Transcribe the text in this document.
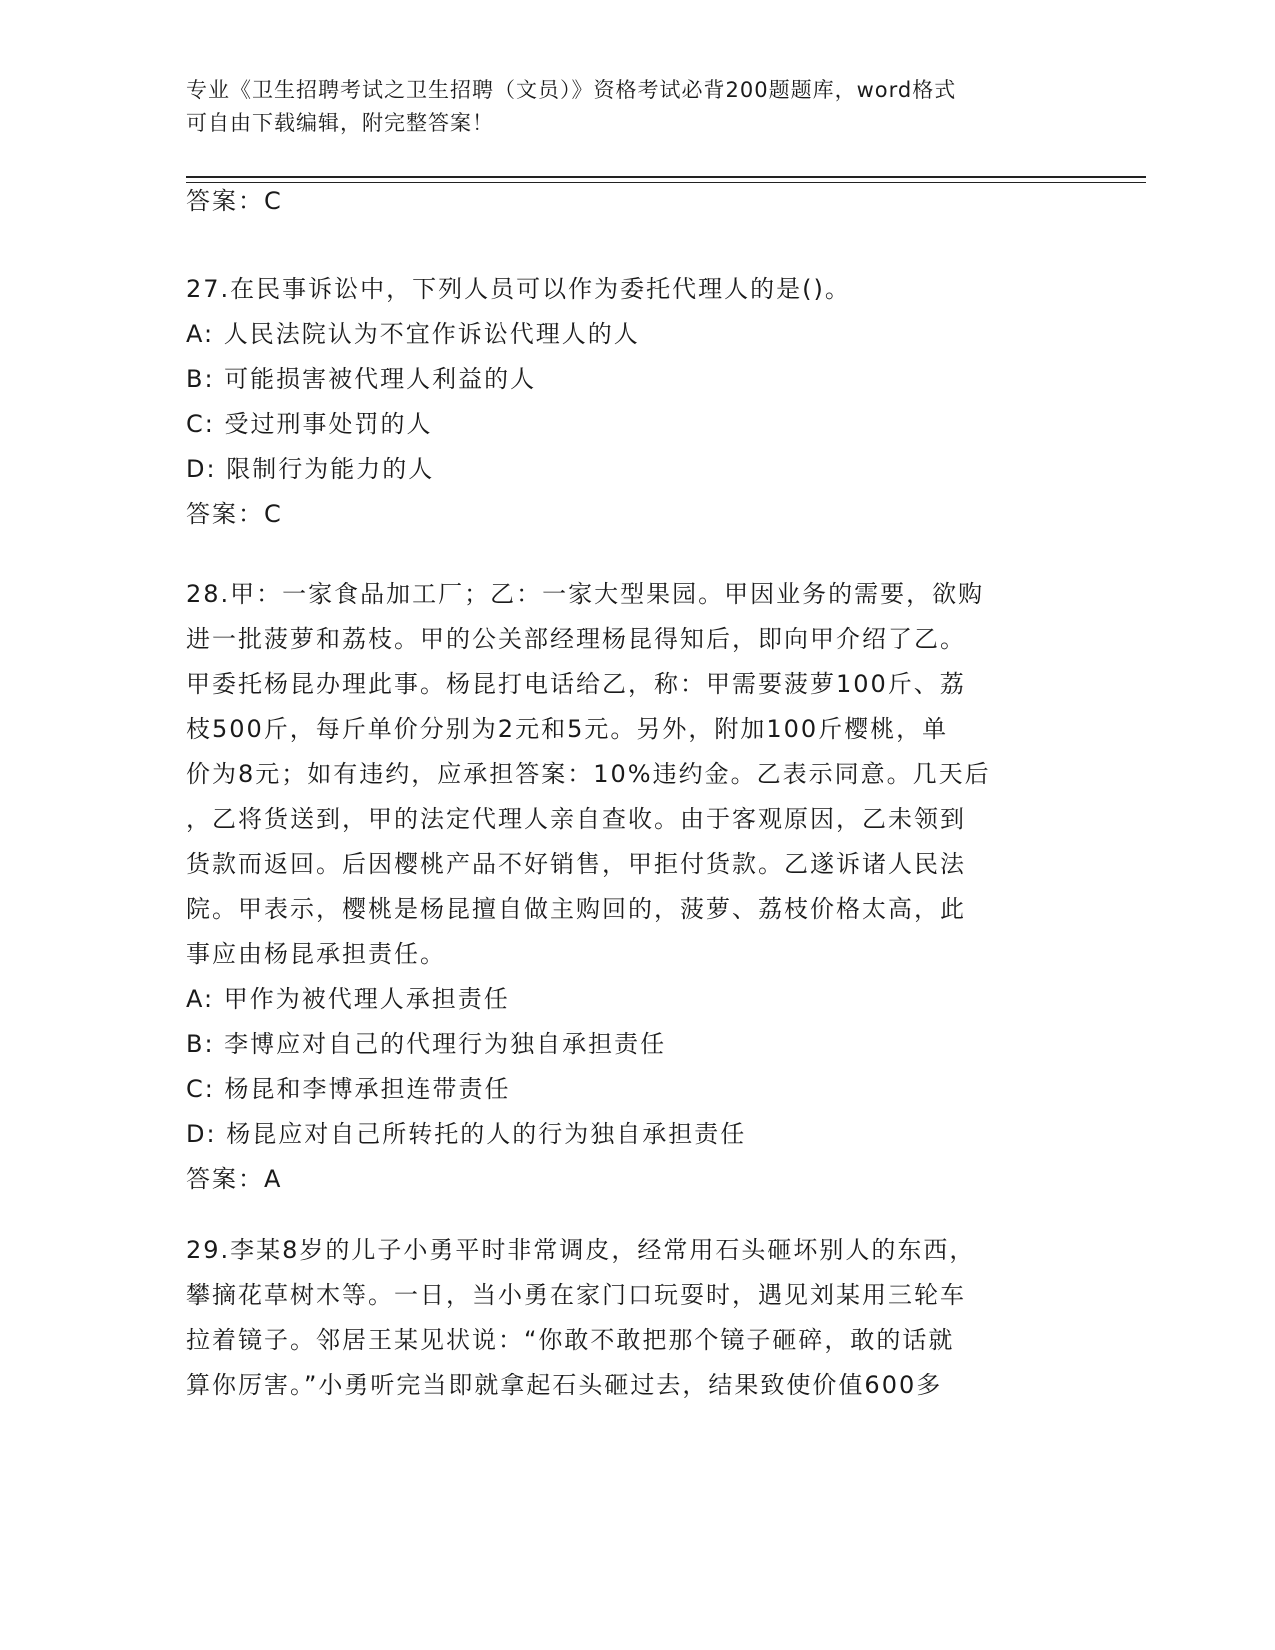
专业《卫生招聘考试之卫生招聘（文员）》资格考试必背200题题库，word格式
可自由下载编辑，附完整答案！
答案：C
27.在民事诉讼中，下列人员可以作为委托代理人的是()。
A: 人民法院认为不宜作诉讼代理人的人
B: 可能损害被代理人利益的人
C: 受过刑事处罚的人
D: 限制行为能力的人
答案：C
28.甲：一家食品加工厂；乙：一家大型果园。甲因业务的需要，欲购
进一批菠萝和荔枝。甲的公关部经理杨昆得知后，即向甲介绍了乙。
甲委托杨昆办理此事。杨昆打电话给乙，称：甲需要菠萝100斤、荔
枝500斤，每斤单价分别为2元和5元。另外，附加100斤樱桃，单
价为8元；如有违约，应承担答案：10%违约金。乙表示同意。几天后
，乙将货送到，甲的法定代理人亲自查收。由于客观原因，乙未领到
货款而返回。后因樱桃产品不好销售，甲拒付货款。乙遂诉诸人民法
院。甲表示，樱桃是杨昆擅自做主购回的，菠萝、荔枝价格太高，此
事应由杨昆承担责任。
A: 甲作为被代理人承担责任
B: 李博应对自己的代理行为独自承担责任
C: 杨昆和李博承担连带责任
D: 杨昆应对自己所转托的人的行为独自承担责任
答案：A
29.李某8岁的儿子小勇平时非常调皮，经常用石头砸坏别人的东西，
攀摘花草树木等。一日，当小勇在家门口玩耍时，遇见刘某用三轮车
拉着镜子。邻居王某见状说：“你敢不敢把那个镜子砸碎，敢的话就
算你厉害。”小勇听完当即就拿起石头砸过去，结果致使价值600多
